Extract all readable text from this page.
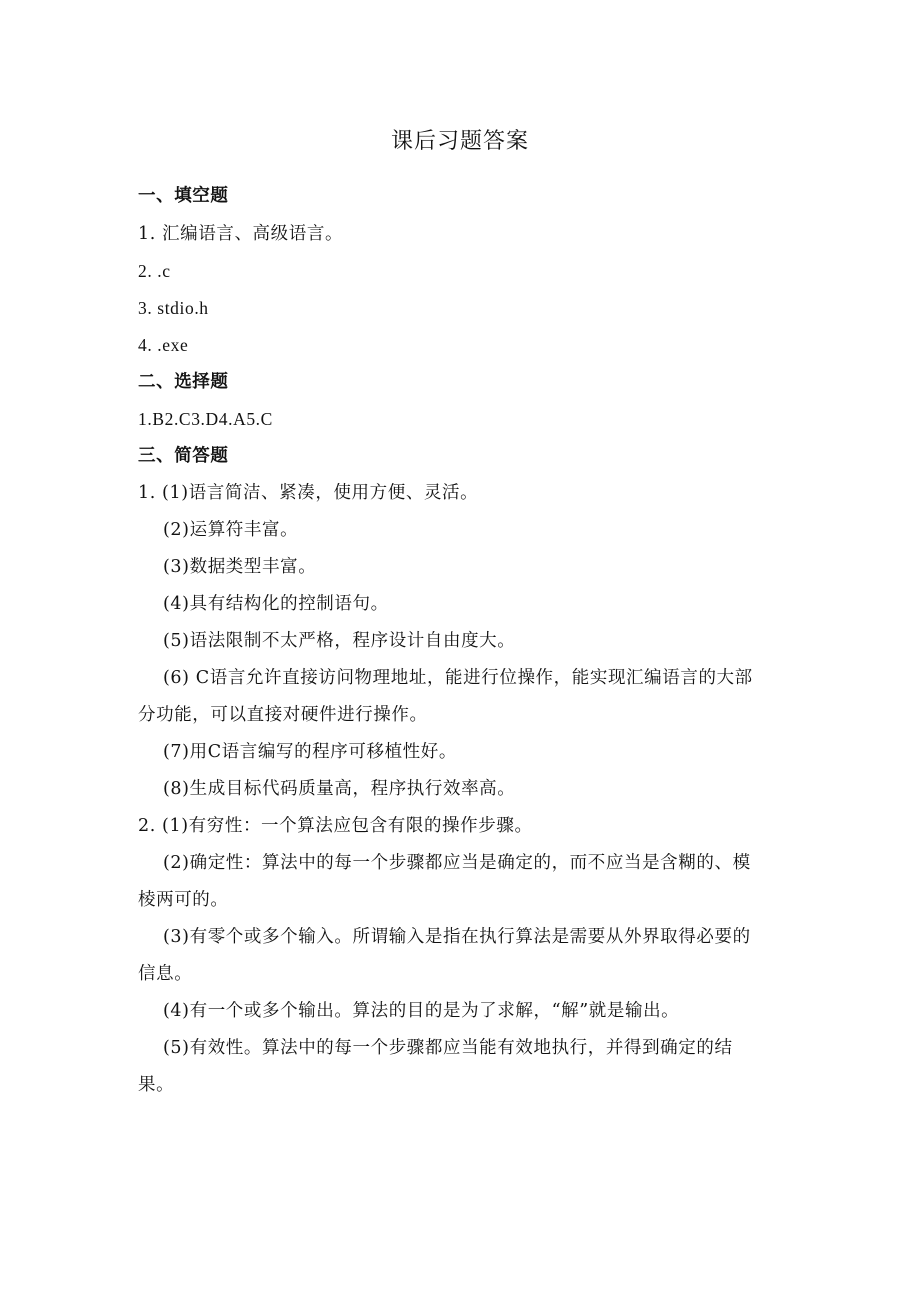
课后习题答案
一、填空题
1. 汇编语言、高级语言。
2. .c
3. stdio.h
4. .exe
二、选择题
1.B2.C3.D4.A5.C
三、简答题
1. (1)语言简洁、紧凑，使用方便、灵活。
(2)运算符丰富。
(3)数据类型丰富。
(4)具有结构化的控制语句。
(5)语法限制不太严格，程序设计自由度大。
(6) C语言允许直接访问物理地址，能进行位操作，能实现汇编语言的大部
分功能，可以直接对硬件进行操作。
(7)用C语言编写的程序可移植性好。
(8)生成目标代码质量高，程序执行效率高。
2. (1)有穷性：一个算法应包含有限的操作步骤。
(2)确定性：算法中的每一个步骤都应当是确定的，而不应当是含糊的、模
棱两可的。
(3)有零个或多个输入。所谓输入是指在执行算法是需要从外界取得必要的
信息。
(4)有一个或多个输出。算法的目的是为了求解，“解”就是输出。
(5)有效性。算法中的每一个步骤都应当能有效地执行，并得到确定的结
果。
